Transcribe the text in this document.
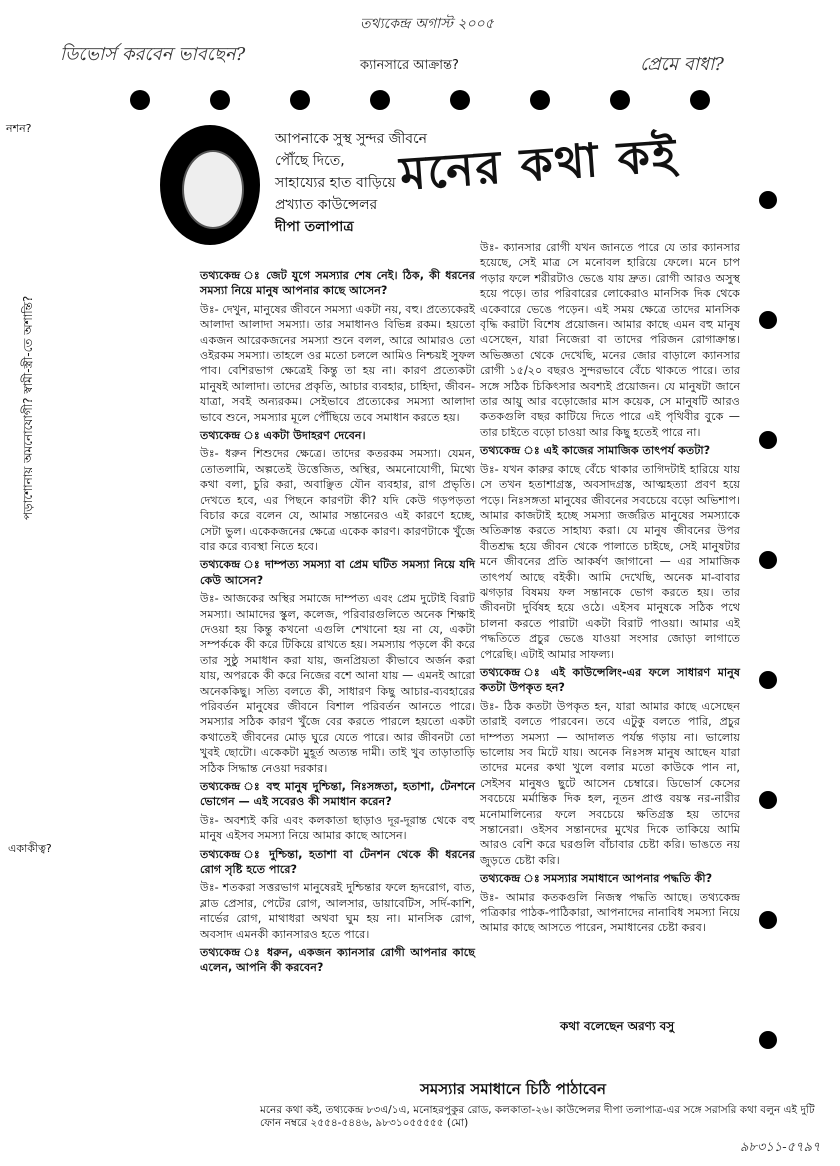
তথ্যকেন্দ্র অগাস্ট ২০০৫
ডিভোর্স করবেন ভাবছেন?	প্রেমে বাধা?
ক্যানসারে আক্রান্ত?
নশন?
একাকীত্ব?
পড়াশোনায় অমনোযোগী? স্বামী-স্ত্রী-তে অশান্তি?
আপনাকে সুস্থ সুন্দর জীবনে পৌঁছে দিতে,
সাহায্যের হাত বাড়িয়ে
প্রখ্যাত কাউন্সেলর
দীপা তলাপাত্র
মনের কথা কই
তথ্যকেন্দ্র ঃ জেট যুগে সমস্যার শেষ নেই। ঠিক, কী ধরনের সমস্যা নিয়ে মানুষ আপনার কাছে আসেন?
উঃ- দেখুন, মানুষের জীবনে সমস্যা একটা নয়, বহু। প্রত্যেকেরই আলাদা আলাদা সমস্যা। তার সমাধানও বিভিন্ন রকম। হয়তো একজন আরেকজনের সমস্যা শুনে বলল, আরে আমারও তো ওইরকম সমস্যা। তাহলে ওর মতো চললে আমিও নিশ্চয়ই সুফল পাব। বেশিরভাগ ক্ষেত্রেই কিন্তু তা হয় না। কারণ প্রত্যেকটা মানুষই আলাদা। তাদের প্রকৃতি, আচার ব্যবহার, চাহিদা, জীবন-যাত্রা, সবই অন্যরকম। সেইভাবে প্রত্যেকের সমস্যা আলাদা ভাবে শুনে, সমস্যার মূলে পৌঁছিয়ে তবে সমাধান করতে হয়।
তথ্যকেন্দ্র ঃ একটা উদাহরণ দেবেন।
উঃ- ধরুন শিশুদের ক্ষেত্রে। তাদের কতরকম সমস্যা। যেমন, তোতলামি, অল্পতেই উত্তেজিত, অস্থির, অমনোযোগী, মিথ্যে কথা বলা, চুরি করা, অবাঞ্ছিত যৌন ব্যবহার, রাগ প্রভৃতি। দেখতে হবে, এর পিছনে কারণটা কী? যদি কেউ গড়পড়তা বিচার করে বলেন যে, আমার সন্তানেরও এই কারণে হচ্ছে, সেটা ভুল। একেকজনের ক্ষেত্রে একেক কারণ। কারণটাকে খুঁজে বার করে ব্যবস্থা নিতে হবে।
তথ্যকেন্দ্র ঃ দাম্পত্য সমস্যা বা প্রেম ঘটিত সমস্যা নিয়ে যদি কেউ আসেন?
উঃ- আজকের অস্থির সমাজে দাম্পত্য এবং প্রেম দুটোই বিরাট সমস্যা। আমাদের স্কুল, কলেজ, পরিবারগুলিতে অনেক শিক্ষাই দেওয়া হয় কিন্তু কখনো এগুলি শেখানো হয় না যে, একটা সম্পর্ককে কী করে টিকিয়ে রাখতে হয়। সমস্যায় পড়লে কী করে তার সুষ্ঠু সমাধান করা যায়, জনপ্রিয়তা কীভাবে অর্জন করা যায়, অপরকে কী করে নিজের বশে আনা যায় — এমনই আরো অনেককিছু। সত্যি বলতে কী, সাধারণ কিছু আচার-ব্যবহারের পরিবর্তন মানুষের জীবনে বিশাল পরিবর্তন আনতে পারে। সমস্যার সঠিক কারণ খুঁজে বের করতে পারলে হয়তো একটা কথাতেই জীবনের মোড় ঘুরে যেতে পারে। আর জীবনটা তো খুবই ছোটো। একেকটা মুহূর্ত অত্যন্ত দামী। তাই খুব তাড়াতাড়ি সঠিক সিদ্ধান্ত নেওয়া দরকার।
তথ্যকেন্দ্র ঃ বহু মানুষ দুশ্চিন্তা, নিঃসঙ্গতা, হতাশা, টেনশনে ভোগেন — এই সবেরও কী সমাধান করেন?
উঃ- অবশ্যই করি এবং কলকাতা ছাড়াও দূর-দূরান্ত থেকে বহু মানুষ এইসব সমস্যা নিয়ে আমার কাছে আসেন।
তথ্যকেন্দ্র ঃ দুশ্চিন্তা, হতাশা বা টেনশন থেকে কী ধরনের রোগ সৃষ্টি হতে পারে?
উঃ- শতকরা সত্তরভাগ মানুষেরই দুশ্চিন্তার ফলে হৃদরোগ, বাত, ব্লাড প্রেসার, পেটের রোগ, আলসার, ডায়াবেটিস, সর্দি-কাশি, নার্ভের রোগ, মাথাধরা অথবা ঘুম হয় না। মানসিক রোগ, অবসাদ এমনকী ক্যানসারও হতে পারে।
তথ্যকেন্দ্র ঃ ধরুন, একজন ক্যানসার রোগী আপনার কাছে এলেন, আপনি কী করবেন?
উঃ- ক্যানসার রোগী যখন জানতে পারে যে তার ক্যানসার হয়েছে, সেই মাত্র সে মনোবল হারিয়ে ফেলে। মনে চাপ পড়ার ফলে শরীরটাও ভেঙে যায় দ্রুত। রোগী আরও অসুস্থ হয়ে পড়ে। তার পরিবারের লোকেরাও মানসিক দিক থেকে একেবারে ভেঙে পড়েন। এই সময় ক্ষেত্রে তাদের মানসিক বৃদ্ধি করাটা বিশেষ প্রয়োজন। আমার কাছে এমন বহু মানুষ এসেছেন, যারা নিজেরা বা তাদের পরিজন রোগাক্রান্ত। অভিজ্ঞতা থেকে দেখেছি, মনের জোর বাড়ালে ক্যানসার রোগী ১৫/২০ বছরও সুন্দরভাবে বেঁচে থাকতে পারে। তার সঙ্গে সঠিক চিকিৎসার অবশ্যই প্রয়োজন। যে মানুষটা জানে তার আয়ু আর বড়োজোর মাস কয়েক, সে মানুষটি আরও কতকগুলি বছর কাটিয়ে দিতে পারে এই পৃথিবীর বুকে — তার চাইতে বড়ো চাওয়া আর কিছু হতেই পারে না।
তথ্যকেন্দ্র ঃ এই কাজের সামাজিক তাৎপর্য কতটা?
উঃ- যখন কারুর কাছে বেঁচে থাকার তাগিদটাই হারিয়ে যায় সে তখন হতাশাগ্রস্ত, অবসাদগ্রস্ত, আত্মহত্যা প্রবণ হয়ে পড়ে। নিঃসঙ্গতা মানুষের জীবনের সবচেয়ে বড়ো অভিশাপ। আমার কাজটাই হচ্ছে সমস্যা জর্জরিত মানুষের সমস্যাকে অতিক্রান্ত করতে সাহায্য করা। যে মানুষ জীবনের উপর বীতশ্রদ্ধ হয়ে জীবন থেকে পালাতে চাইছে, সেই মানুষটার মনে জীবনের প্রতি আকর্ষণ জাগানো — এর সামাজিক তাৎপর্য আছে বইকী। আমি দেখেছি, অনেক মা-বাবার ঝগড়ার বিষময় ফল সন্তানকে ভোগ করতে হয়। তার জীবনটা দুর্বিষহ হয়ে ওঠে। এইসব মানুষকে সঠিক পথে চালনা করতে পারাটা একটা বিরাট পাওয়া। আমার এই পদ্ধতিতে প্রচুর ভেঙে যাওয়া সংসার জোড়া লাগাতে পেরেছি। এটাই আমার সাফল্য।
তথ্যকেন্দ্র ঃ এই কাউন্সেলিং-এর ফলে সাধারণ মানুষ কতটা উপকৃত হন?
উঃ- ঠিক কতটা উপকৃত হন, যারা আমার কাছে এসেছেন তারাই বলতে পারবেন। তবে এটুকু বলতে পারি, প্রচুর দাম্পত্য সমস্যা — আদালত পর্যন্ত গড়ায় না। ভালোয় ভালোয় সব মিটে যায়। অনেক নিঃসঙ্গ মানুষ আছেন যারা তাদের মনের কথা খুলে বলার মতো কাউকে পান না, সেইসব মানুষও ছুটে আসেন চেম্বারে। ডিভোর্স কেসের সবচেয়ে মর্মান্তিক দিক হল, নূতন প্রাপ্ত বয়স্ক নর-নারীর মনোমালিন্যের ফলে সবচেয়ে ক্ষতিগ্রস্ত হয় তাদের সন্তানেরা। ওইসব সন্তানদের মুখের দিকে তাকিয়ে আমি আরও বেশি করে ঘরগুলি বাঁচাবার চেষ্টা করি। ভাঙতে নয় জুড়তে চেষ্টা করি।
তথ্যকেন্দ্র ঃ সমস্যার সমাধানে আপনার পদ্ধতি কী?
উঃ- আমার কতকগুলি নিজস্ব পদ্ধতি আছে। তথ্যকেন্দ্র পত্রিকার পাঠক-পাঠিকারা, আপনাদের নানাবিধ সমস্যা নিয়ে আমার কাছে আসতে পারেন, সমাধানের চেষ্টা করব।
কথা বলেছেন অরণ্য বসু
সমস্যার সমাধানে চিঠি পাঠাবেন
মনের কথা কই, তথ্যকেন্দ্র ৮৩এ/১এ, মনোহরপুকুর রোড, কলকাতা-২৬। কাউন্সেলর দীপা তলাপাত্র-এর সঙ্গে সরাসরি কথা বলুন এই দুটি ফোন নম্বরে ২৫৫৪-৫৪৪৬, ৯৮৩১০৫৫৫৫৫ (মো)
৯৮৩১১-৫৭৯৭
